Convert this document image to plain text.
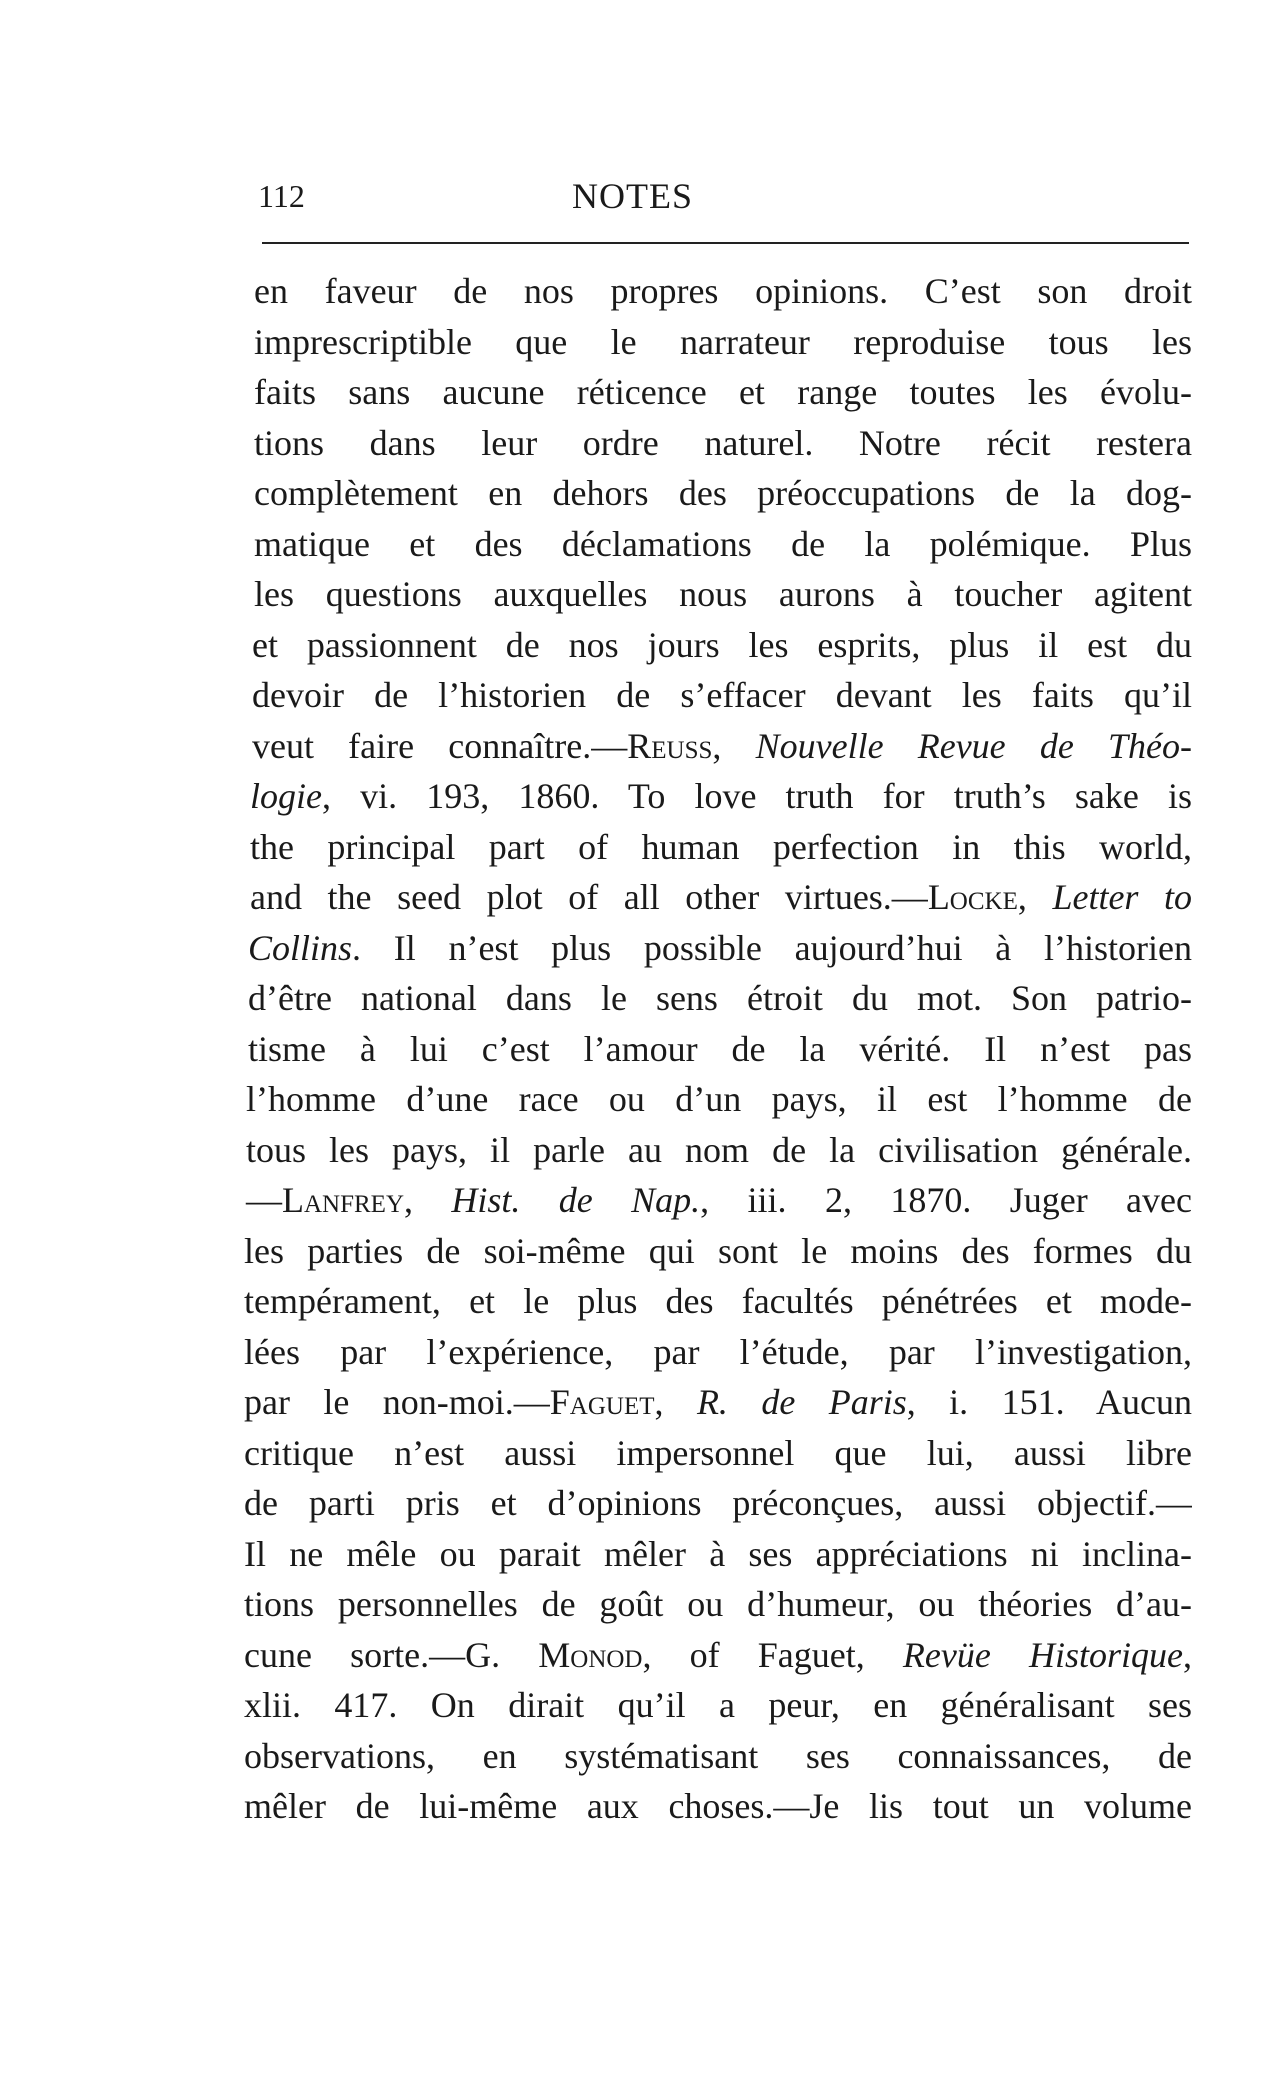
112	NOTES
en faveur de nos propres opinions. C’est son droit
imprescriptible que le narrateur reproduise tous les
faits sans aucune réticence et range toutes les évolu-
tions dans leur ordre naturel. Notre récit restera
complètement en dehors des préoccupations de la dog-
matique et des déclamations de la polémique. Plus
les questions auxquelles nous aurons à toucher agitent
et passionnent de nos jours les esprits, plus il est du
devoir de l’historien de s’effacer devant les faits qu’il
veut faire connaître.—Reuss, Nouvelle Revue de Théo-
logie, vi. 193, 1860. To love truth for truth’s sake is
the principal part of human perfection in this world,
and the seed plot of all other virtues.—Locke, Letter to
Collins. Il n’est plus possible aujourd’hui à l’historien
d’être national dans le sens étroit du mot. Son patrio-
tisme à lui c’est l’amour de la vérité. Il n’est pas
l’homme d’une race ou d’un pays, il est l’homme de
tous les pays, il parle au nom de la civilisation générale.
—Lanfrey, Hist. de Nap., iii. 2, 1870. Juger avec
les parties de soi-même qui sont le moins des formes du
tempérament, et le plus des facultés pénétrées et mode-
lées par l’expérience, par l’étude, par l’investigation,
par le non-moi.—Faguet, R. de Paris, i. 151. Aucun
critique n’est aussi impersonnel que lui, aussi libre
de parti pris et d’opinions préconçues, aussi objectif.—
Il ne mêle ou parait mêler à ses appréciations ni inclina-
tions personnelles de goût ou d’humeur, ou théories d’au-
cune sorte.—G. Monod, of Faguet, Revüe Historique,
xlii. 417. On dirait qu’il a peur, en généralisant ses
observations, en systématisant ses connaissances, de
mêler de lui-même aux choses.—Je lis tout un volume
